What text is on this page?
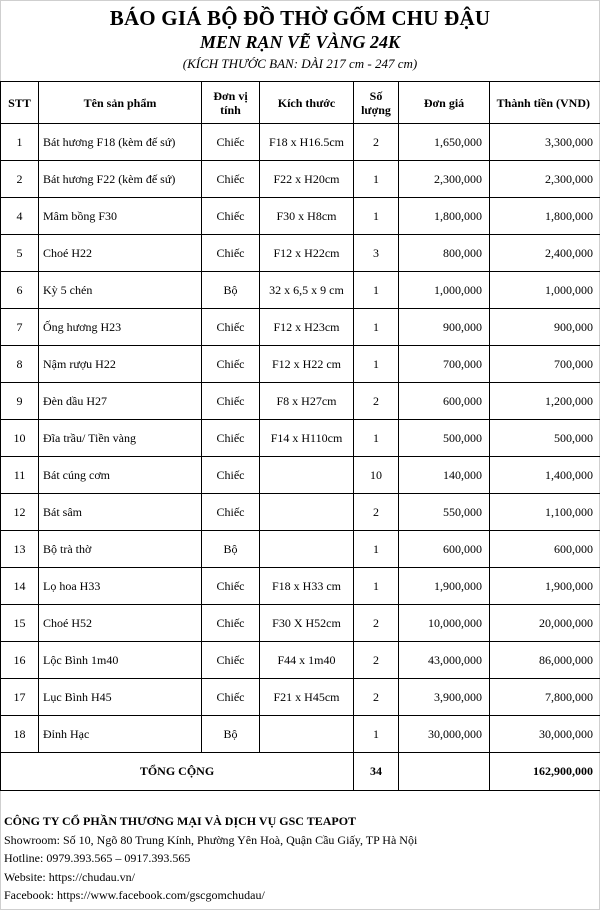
BÁO GIÁ BỘ ĐỒ THỜ GỐM CHU ĐẬU
MEN RẠN VẼ VÀNG 24K
(KÍCH THƯỚC BAN: DÀI 217 cm - 247 cm)
STT	Tên sản phẩm	Đơn vị tính	Kích thước	Số lượng	Đơn giá	Thành tiền (VND)
1	Bát hương F18 (kèm đế sứ)	Chiếc	F18 x H16.5cm	2	1,650,000	3,300,000
2	Bát hương F22 (kèm đế sứ)	Chiếc	F22 x H20cm	1	2,300,000	2,300,000
4	Mâm bồng F30	Chiếc	F30 x H8cm	1	1,800,000	1,800,000
5	Choé H22	Chiếc	F12 x H22cm	3	800,000	2,400,000
6	Kỳ 5 chén	Bộ	32 x 6,5 x 9 cm	1	1,000,000	1,000,000
7	Ống hương H23	Chiếc	F12 x H23cm	1	900,000	900,000
8	Nậm rượu H22	Chiếc	F12 x H22 cm	1	700,000	700,000
9	Đèn dầu H27	Chiếc	F8 x H27cm	2	600,000	1,200,000
10	Đĩa trầu/ Tiền vàng	Chiếc	F14 x H110cm	1	500,000	500,000
11	Bát cúng cơm	Chiếc		10	140,000	1,400,000
12	Bát sâm	Chiếc		2	550,000	1,100,000
13	Bộ trà thờ	Bộ		1	600,000	600,000
14	Lọ hoa H33	Chiếc	F18 x H33 cm	1	1,900,000	1,900,000
15	Choé H52	Chiếc	F30 X H52cm	2	10,000,000	20,000,000
16	Lộc Bình 1m40	Chiếc	F44 x 1m40	2	43,000,000	86,000,000
17	Lục Bình H45	Chiếc	F21 x H45cm	2	3,900,000	7,800,000
18	Đỉnh Hạc	Bộ		1	30,000,000	30,000,000
TỔNG CỘNG				34		162,900,000
CÔNG TY CỔ PHẦN THƯƠNG MẠI VÀ DỊCH VỤ GSC TEAPOT
Showroom: Số 10, Ngõ 80 Trung Kính, Phường Yên Hoà, Quận Cầu Giấy, TP Hà Nội
Hotline: 0979.393.565 – 0917.393.565
Website: https://chudau.vn/
Facebook: https://www.facebook.com/gscgomchudau/
